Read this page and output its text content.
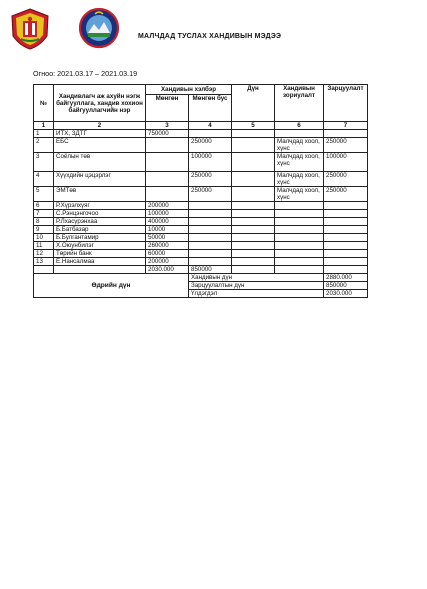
МАЛЧДАД ТУСЛАХ ХАНДИВЫН МЭДЭЭ
Огноо: 2021.03.17 – 2021.03.19
№	Хандивлагч аж ахуйн нэгж байгууллага, хандив хохион байгууллагчийн нэр	Хандивын хэлбэр		Дүн	Хандивын зориулалт	Зарцуулалт
		Мөнгөн	Мөнгөн бус			
1	2	3	4	5	6	7
1	ИТХ, ЗДТГ	750000				
2	ЕБС		250000		Малчдад хоол, хүнс	250000
3	Соёлын төв		100000		Малчдад хоол, хүнс	100000
4	Хүүхдийн цэцэрлэг		250000		Малчдад хоол, хүнс	250000
5	ЭМТөв		250000		Малчдад хоол, хүнс	250000
6	Р.Хүрэлхүяг	200000				
7	С.Рэнцэнгочоо	100000				
8	Р.Лхасүрэнхаа	400000				
9	Б.Батбазар	10000				
10	Б.Булгантамир	50000				
11	Х.Оюунбилэг	260000				
12	Төрийн банк	60000				
13	Ё.Нансалмаа	200000				
		2030.000	850000			
Өдрийн дүн			Хандивын дүн			2880.000
			Зарцуулалтын дүн			850000
			Үлдэгдэл			2030.000
